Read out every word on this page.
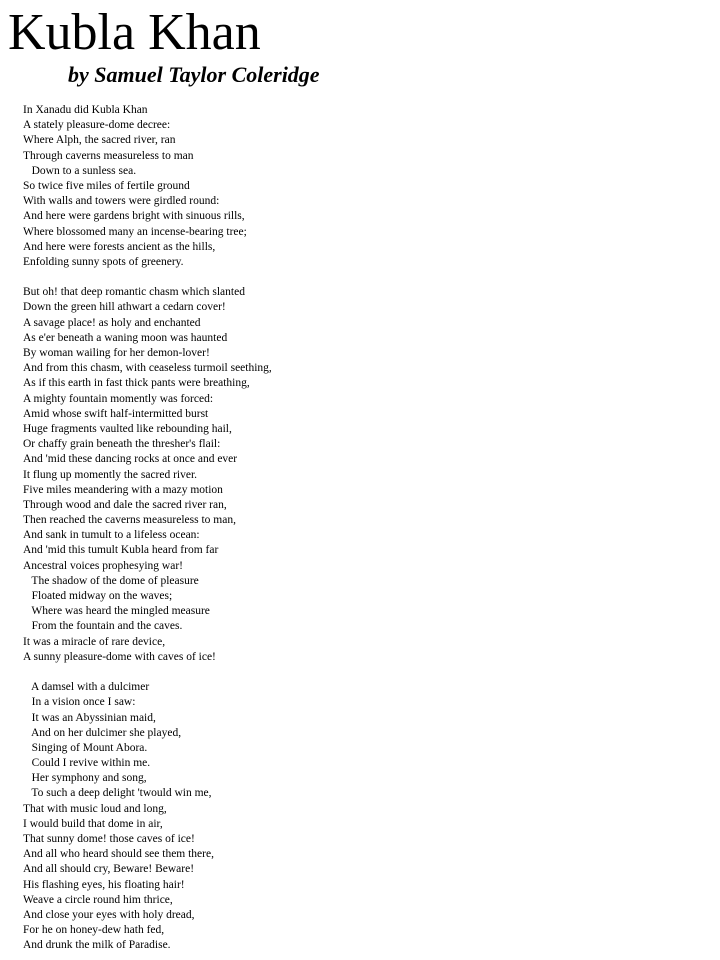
Kubla Khan
by Samuel Taylor Coleridge
In Xanadu did Kubla Khan
A stately pleasure-dome decree:
Where Alph, the sacred river, ran
Through caverns measureless to man
Down to a sunless sea.
So twice five miles of fertile ground
With walls and towers were girdled round:
And here were gardens bright with sinuous rills,
Where blossomed many an incense-bearing tree;
And here were forests ancient as the hills,
Enfolding sunny spots of greenery.
But oh! that deep romantic chasm which slanted
Down the green hill athwart a cedarn cover!
A savage place! as holy and enchanted
As e'er beneath a waning moon was haunted
By woman wailing for her demon-lover!
And from this chasm, with ceaseless turmoil seething,
As if this earth in fast thick pants were breathing,
A mighty fountain momently was forced:
Amid whose swift half-intermitted burst
Huge fragments vaulted like rebounding hail,
Or chaffy grain beneath the thresher's flail:
And 'mid these dancing rocks at once and ever
It flung up momently the sacred river.
Five miles meandering with a mazy motion
Through wood and dale the sacred river ran,
Then reached the caverns measureless to man,
And sank in tumult to a lifeless ocean:
And 'mid this tumult Kubla heard from far
Ancestral voices prophesying war!
The shadow of the dome of pleasure
Floated midway on the waves;
Where was heard the mingled measure
From the fountain and the caves.
It was a miracle of rare device,
A sunny pleasure-dome with caves of ice!
A damsel with a dulcimer
In a vision once I saw:
It was an Abyssinian maid,
And on her dulcimer she played,
Singing of Mount Abora.
Could I revive within me.
Her symphony and song,
To such a deep delight 'twould win me,
That with music loud and long,
I would build that dome in air,
That sunny dome! those caves of ice!
And all who heard should see them there,
And all should cry, Beware! Beware!
His flashing eyes, his floating hair!
Weave a circle round him thrice,
And close your eyes with holy dread,
For he on honey-dew hath fed,
And drunk the milk of Paradise.
